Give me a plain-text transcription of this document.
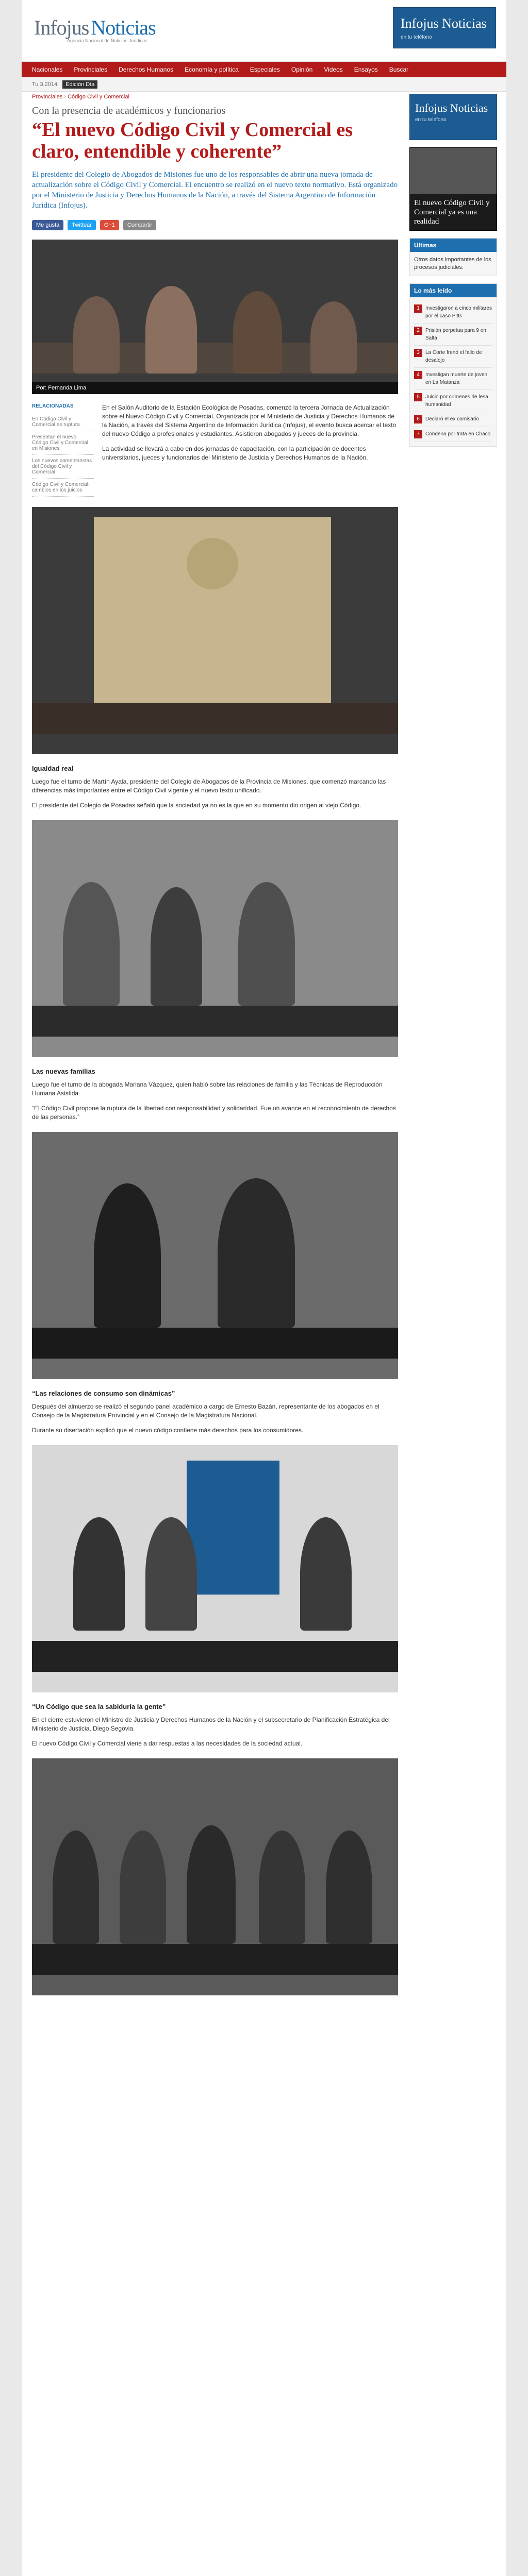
Infojus Noticias
Agencia Nacional de Noticias Jurídicas
Infojus Noticias
en tu teléfono
Nacionales Provinciales Derechos Humanos Economía y política Especiales Opinión Videos Ensayos Buscar
Tu 3.2014	Edición Día
Provinciales › Código Civil y Comercial
Con la presencia de académicos y funcionarios
“El nuevo Código Civil y Comercial es claro, entendible y coherente”

El presidente del Colegio de Abogados de Misiones fue uno de los responsables de abrir una nueva jornada de actualización sobre el Código Civil y Comercial. El encuentro se realizó en el nuevo texto normativo. Está organizado por el Ministerio de Justicia y Derechos Humanos de la Nación, a través del Sistema Argentino de Información Jurídica (Infojus).

Me gusta	Twittear	G+1	Compartir
Por: Fernanda Lima
RELACIONADAS
En Código Civil y Comercial es ruptura
Presentan el nuevo Código Civil y Comercial en Misiones
Los nuevos comentaristas del Código Civil y Comercial
Código Civil y Comercial: cambios en los juicios

En el Salón Auditorio de la Estación Ecológica de Posadas, comenzó la tercera Jornada de Actualización sobre el Nuevo Código Civil y Comercial. Organizada por el Ministerio de Justicia y Derechos Humanos de la Nación, a través del Sistema Argentino de Información Jurídica (Infojus), el evento busca acercar el texto del nuevo Código a profesionales y estudiantes. Asistieron abogados y jueces de la provincia.

La actividad se llevará a cabo en dos jornadas de capacitación, con la participación de docentes universitarios, jueces y funcionarios del Ministerio de Justicia y Derechos Humanos de la Nación.

Igualdad real

Luego fue el turno de Martín Ayala, presidente del Colegio de Abogados de la Provincia de Misiones, que comenzó marcando las diferencias más importantes entre el Código Civil vigente y el nuevo texto unificado.

El presidente del Colegio de Posadas señaló que la sociedad ya no es la que en su momento dio origen al viejo Código.

Las nuevas familias

Luego fue el turno de la abogada Mariana Vázquez, quien habló sobre las relaciones de familia y las Técnicas de Reproducción Humana Asistida.

“El Código Civil propone la ruptura de la libertad con responsabilidad y solidaridad. Fue un avance en el reconocimiento de derechos de las personas.”

“Las relaciones de consumo son dinámicas”

Después del almuerzo se realizó el segundo panel académico a cargo de Ernesto Bazán, representante de los abogados en el Consejo de la Magistratura Provincial y en el Consejo de la Magistratura Nacional.

Durante su disertación explicó que el nuevo código contiene más derechos para los consumidores.

“Un Código que sea la sabiduría la gente”

En el cierre estuvieron el Ministro de Justicia y Derechos Humanos de la Nación y el subsecretario de Planificación Estratégica del Ministerio de Justicia, Diego Segovia.

El nuevo Código Civil y Comercial viene a dar respuestas a las necesidades de la sociedad actual.

Infojus Noticias
en tu teléfono
El nuevo Código Civil y Comercial ya es una realidad
Ultimas
Otros datos importantes de los procesos judiciales.
Lo más leído
1	Investigaron a cinco militares por el caso Pitts
2	Prisión perpetua para 9 en Salta
3	La Corte frenó el fallo de desalojo
4	Investigan muerte de joven en La Matanza
5	Juicio por crímenes de lesa humanidad
6	Declaró el ex comisario
7	Condena por trata en Chaco
